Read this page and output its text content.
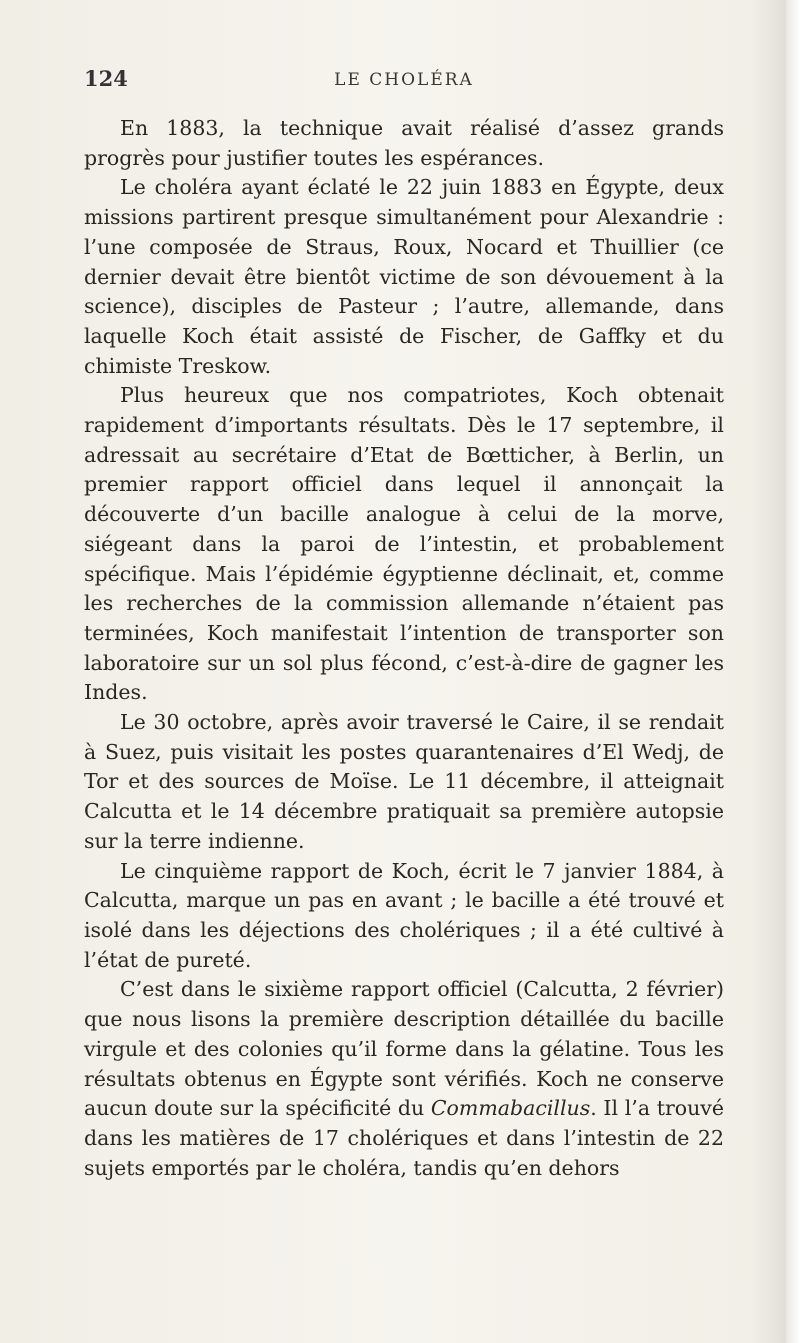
124	LE CHOLÉRA

En 1883, la technique avait réalisé d’assez grands progrès pour justifier toutes les espérances.

Le choléra ayant éclaté le 22 juin 1883 en Égypte, deux missions partirent presque simultanément pour Alexandrie : l’une composée de Straus, Roux, Nocard et Thuillier (ce dernier devait être bientôt victime de son dévouement à la science), disciples de Pasteur ; l’autre, allemande, dans laquelle Koch était assisté de Fischer, de Gaffky et du chimiste Treskow.

Plus heureux que nos compatriotes, Koch obtenait rapidement d’importants résultats. Dès le 17 septembre, il adressait au secrétaire d’Etat de Bœtticher, à Berlin, un premier rapport officiel dans lequel il annonçait la découverte d’un bacille analogue à celui de la morve, siégeant dans la paroi de l’intestin, et probablement spécifique. Mais l’épidémie égyptienne déclinait, et, comme les recherches de la commission allemande n’étaient pas terminées, Koch manifestait l’intention de transporter son laboratoire sur un sol plus fécond, c’est-à-dire de gagner les Indes.

Le 30 octobre, après avoir traversé le Caire, il se rendait à Suez, puis visitait les postes quarantenaires d’El Wedj, de Tor et des sources de Moïse. Le 11 décembre, il atteignait Calcutta et le 14 décembre pratiquait sa première autopsie sur la terre indienne.

Le cinquième rapport de Koch, écrit le 7 janvier 1884, à Calcutta, marque un pas en avant ; le bacille a été trouvé et isolé dans les déjections des cholériques ; il a été cultivé à l’état de pureté.

C’est dans le sixième rapport officiel (Calcutta, 2 février) que nous lisons la première description détaillée du bacille virgule et des colonies qu’il forme dans la gélatine. Tous les résultats obtenus en Égypte sont vérifiés. Koch ne conserve aucun doute sur la spécificité du Commabacillus. Il l’a trouvé dans les matières de 17 cholériques et dans l’intestin de 22 sujets emportés par le choléra, tandis qu’en dehors
